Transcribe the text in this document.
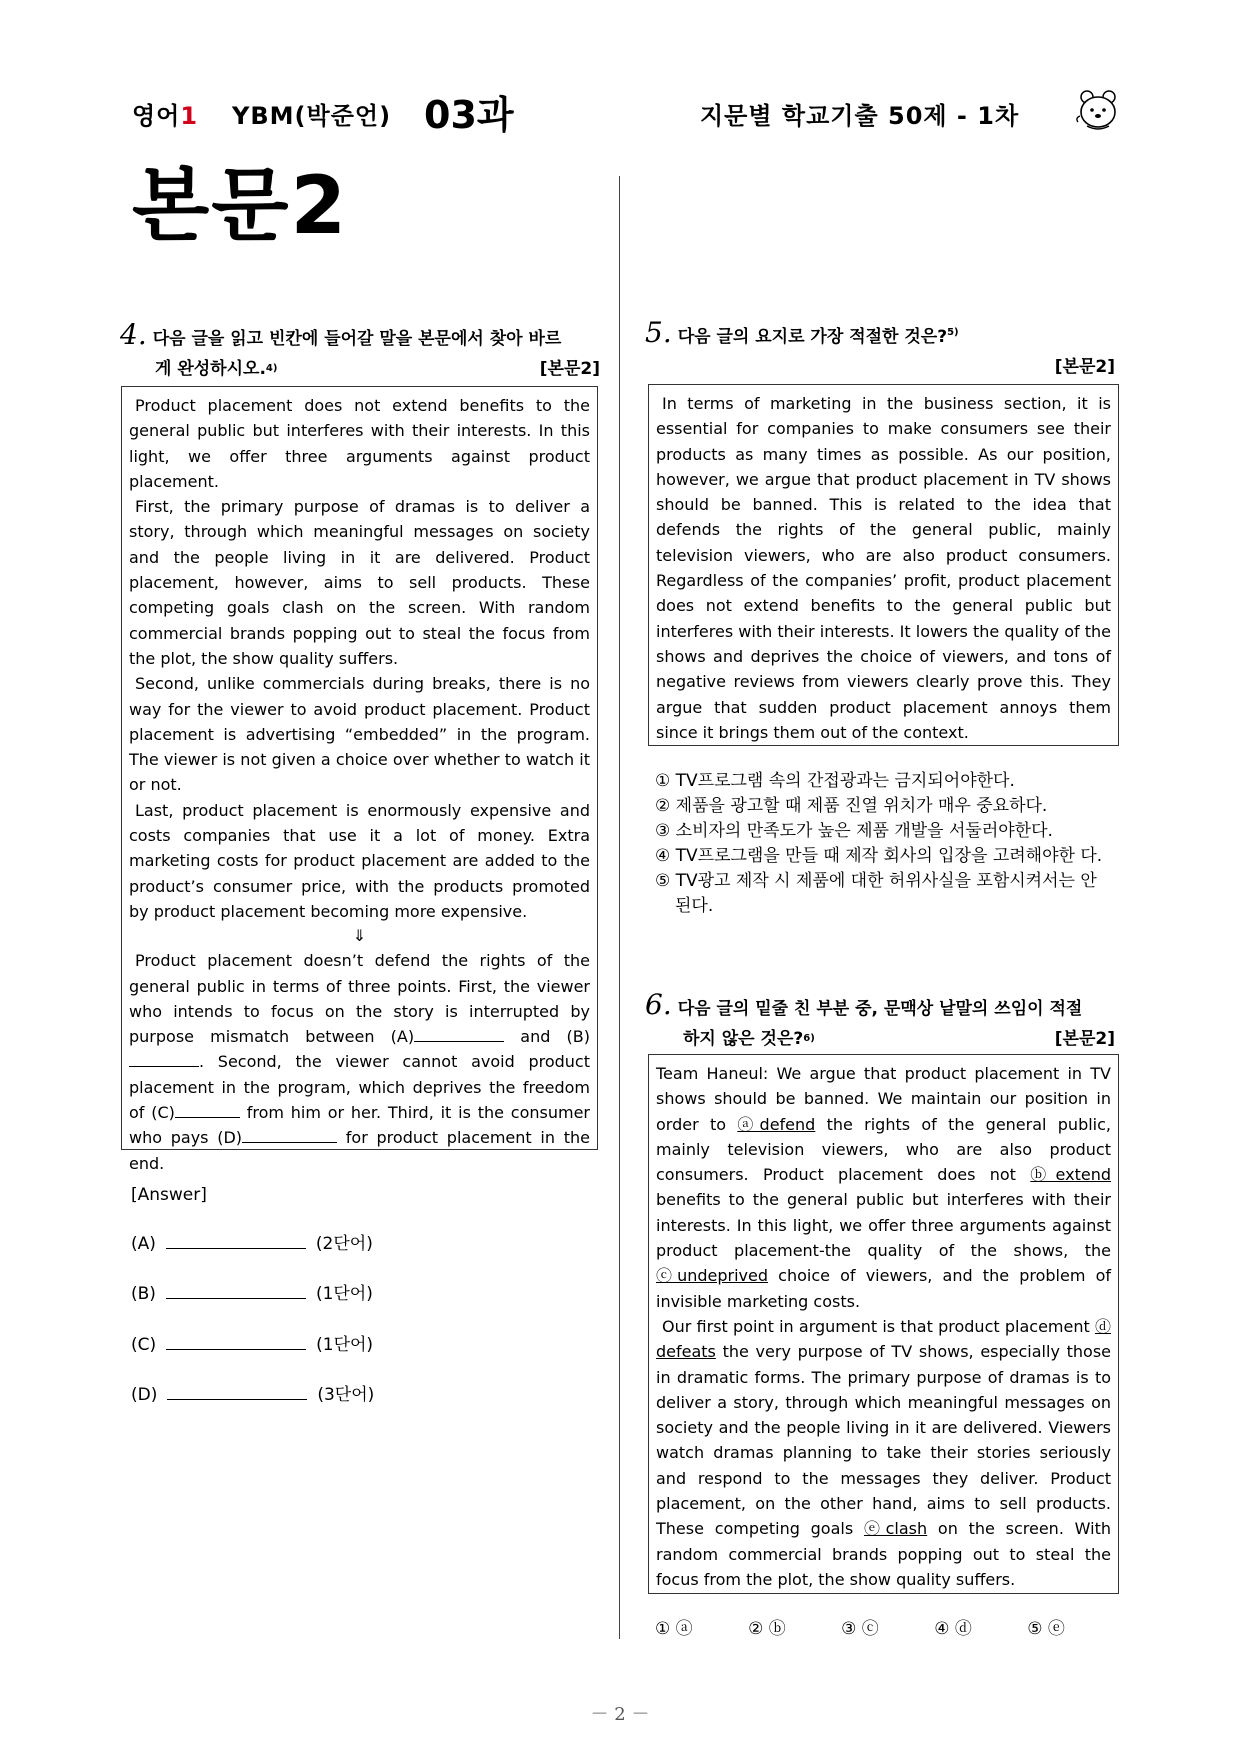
영어1 YBM(박준언) 03과	지문별 학교기출 50제 - 1차
본문2
4. 다음 글을 읽고 빈칸에 들어갈 말을 본문에서 찾아 바르
게 완성하시오.$^{4)}$	[본문2]

Product placement does not extend benefits to the general public but interferes with their interests. In this light, we offer three arguments against product placement.

First, the primary purpose of dramas is to deliver a story, through which meaningful messages on society and the people living in it are delivered. Product placement, however, aims to sell products. These competing goals clash on the screen. With random commercial brands popping out to steal the focus from the plot, the show quality suffers.

Second, unlike commercials during breaks, there is no way for the viewer to avoid product placement. Product placement is advertising “embedded” in the program. The viewer is not given a choice over whether to watch it or not.

Last, product placement is enormously expensive and costs companies that use it a lot of money. Extra marketing costs for product placement are added to the product’s consumer price, with the products promoted by product placement becoming more expensive.

⇓

Product placement doesn’t defend the rights of the general public in terms of three points. First, the viewer who intends to focus on the story is interrupted by purpose mismatch between (A)	and (B). Second, the viewer cannot avoid product placement in the program, which deprives the freedom of (C)	from him or her. Third, it is the consumer who pays (D)	for product placement in the end.

[Answer]
(A)	(2단어)
(B)	(1단어)
(C)	(1단어)
(D)	(3단어)
5. 다음 글의 요지로 가장 적절한 것은?$^{5)}$
[본문2]

In terms of marketing in the business section, it is essential for companies to make consumers see their products as many times as possible. As our position, however, we argue that product placement in TV shows should be banned. This is related to the idea that defends the rights of the general public, mainly television viewers, who are also product consumers. Regardless of the companies’ profit, product placement does not extend benefits to the general public but interferes with their interests. It lowers the quality of the shows and deprives the choice of viewers, and tons of negative reviews from viewers clearly prove this. They argue that sudden product placement annoys them since it brings them out of the context.

① TV프로그램 속의 간접광과는 금지되어야한다.
② 제품을 광고할 때 제품 진열 위치가 매우 중요하다.
③ 소비자의 만족도가 높은 제품 개발을 서둘러야한다.
④ TV프로그램을 만들 때 제작 회사의 입장을 고려해야한 다.
⑤ TV광고 제작 시 제품에 대한 허위사실을 포함시켜서는 안 된다.
6. 다음 글의 밑줄 친 부분 중, 문맥상 낱말의 쓰임이 적절
하지 않은 것은?$^{6)}$	[본문2]

Team Haneul: We argue that product placement in TV shows should be banned. We maintain our position in order to ⓐdefend the rights of the general public, mainly television viewers, who are also product consumers. Product placement does not ⓑextend benefits to the general public but interferes with their interests. In this light, we offer three arguments against product placement-the quality of the shows, the ⓒundeprived choice of viewers, and the problem of invisible marketing costs.

Our first point in argument is that product placement ⓓ defeats the very purpose of TV shows, especially those in dramatic forms. The primary purpose of dramas is to deliver a story, through which meaningful messages on society and the people living in it are delivered. Viewers watch dramas planning to take their stories seriously and respond to the messages they deliver. Product placement, on the other hand, aims to sell products. These competing goals ⓔclash on the screen. With random commercial brands popping out to steal the focus from the plot, the show quality suffers.

① ⓐ	② ⓑ	③ ⓒ	④ ⓓ	⑤ ⓔ
－ 2 －
